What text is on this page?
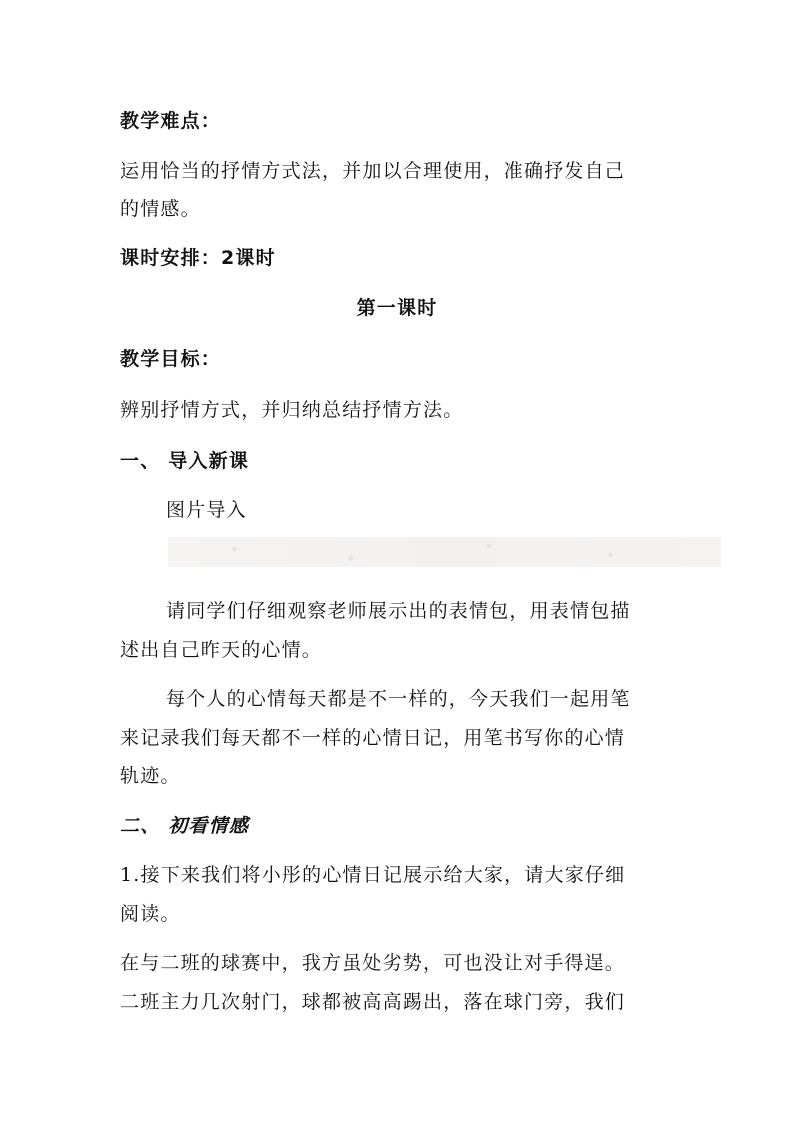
教学难点：
运用恰当的抒情方式法，并加以合理使用，准确抒发自己
的情感。
课时安排：2课时
第一课时
教学目标：
辨别抒情方式，并归纳总结抒情方法。
一、 导入新课
图片导入
请同学们仔细观察老师展示出的表情包，用表情包描
述出自己昨天的心情。
每个人的心情每天都是不一样的，今天我们一起用笔
来记录我们每天都不一样的心情日记，用笔书写你的心情
轨迹。
二、 初看情感
1.接下来我们将小彤的心情日记展示给大家，请大家仔细
阅读。
在与二班的球赛中，我方虽处劣势，可也没让对手得逞。
二班主力几次射门，球都被高高踢出，落在球门旁，我们
